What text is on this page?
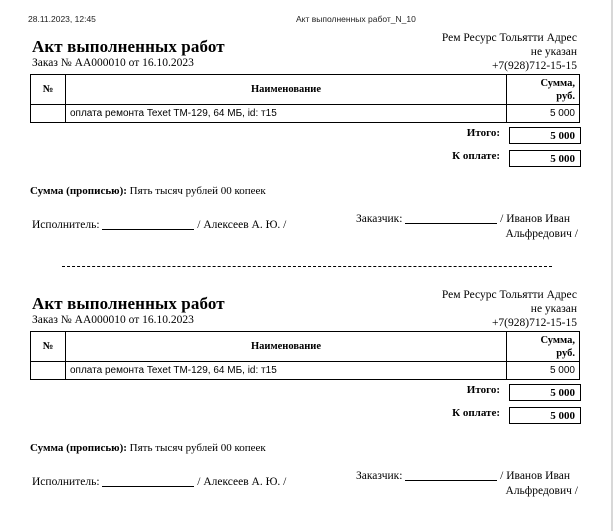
28.11.2023, 12:45	Акт выполненных работ_N_10
Акт выполненных работ
Заказ № АА000010 от 16.10.2023
Рем Ресурс Тольятти Адрес
не указан
+7(928)712-15-15
№	Наименование	Сумма,
руб.
	оплата ремонта Texet TM-129, 64 МБ, id: т15	5 000
Итого:	5 000
К оплате:	5 000
Сумма (прописью): Пять тысяч рублей 00 копеек
Исполнитель:	/ Алексеев А. Ю. /	Заказчик:	/ Иванов Иван
Альфредович /
Акт выполненных работ
Заказ № АА000010 от 16.10.2023
Рем Ресурс Тольятти Адрес
не указан
+7(928)712-15-15
№	Наименование	Сумма,
руб.
	оплата ремонта Texet TM-129, 64 МБ, id: т15	5 000
Итого:	5 000
К оплате:	5 000
Сумма (прописью): Пять тысяч рублей 00 копеек
Исполнитель:	/ Алексеев А. Ю. /	Заказчик:	/ Иванов Иван
Альфредович /
